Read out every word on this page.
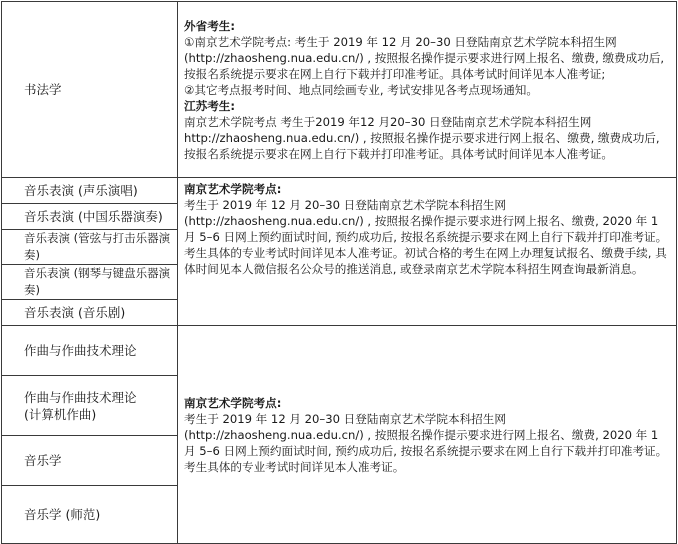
书法学	外省考生:
①南京艺术学院考点: 考生于 2019 年 12 月 20–30 日登陆南京艺术学院本科招生网 (http://zhaosheng.nua.edu.cn/) , 按照报名操作提示要求进行网上报名、缴费, 缴费成功后, 按报名系统提示要求在网上自行下载并打印准考证。具体考试时间详见本人准考证;
②其它考点报考时间、地点同绘画专业, 考试安排见各考点现场通知。
江苏考生:
南京艺术学院考点 考生于2019 年12 月20–30 日登陆南京艺术学院本科招生网 http://zhaosheng.nua.edu.cn/) , 按照报名操作提示要求进行网上报名、缴费, 缴费成功后, 按报名系统提示要求在网上自行下载并打印准考证。具体考试时间详见本人准考证。

音乐表演 (声乐演唱)	南京艺术学院考点:
考生于 2019 年 12 月 20–30 日登陆南京艺术学院本科招生网 (http://zhaosheng.nua.edu.cn/) , 按照报名操作提示要求进行网上报名、缴费, 2020 年 1 月 5–6 日网上预约面试时间, 预约成功后, 按报名系统提示要求在网上自行下载并打印准考证。考生具体的专业考试时间详见本人准考证。初试合格的考生在网上办理复试报名、缴费手续, 具体时间见本人微信报名公众号的推送消息, 或登录南京艺术学院本科招生网查询最新消息。

音乐表演 (中国乐器演奏)	
音乐表演 (管弦与打击乐器演奏)	
音乐表演 (钢琴与键盘乐器演奏)	
音乐表演 (音乐剧)	
作曲与作曲技术理论	南京艺术学院考点:
考生于 2019 年 12 月 20–30 日登陆南京艺术学院本科招生网 (http://zhaosheng.nua.edu.cn/) , 按照报名操作提示要求进行网上报名、缴费, 2020 年 1 月 5–6 日网上预约面试时间, 预约成功后, 按报名系统提示要求在网上自行下载并打印准考证。考生具体的专业考试时间详见本人准考证。

作曲与作曲技术理论
(计算机作曲)	
音乐学	
音乐学 (师范)	
